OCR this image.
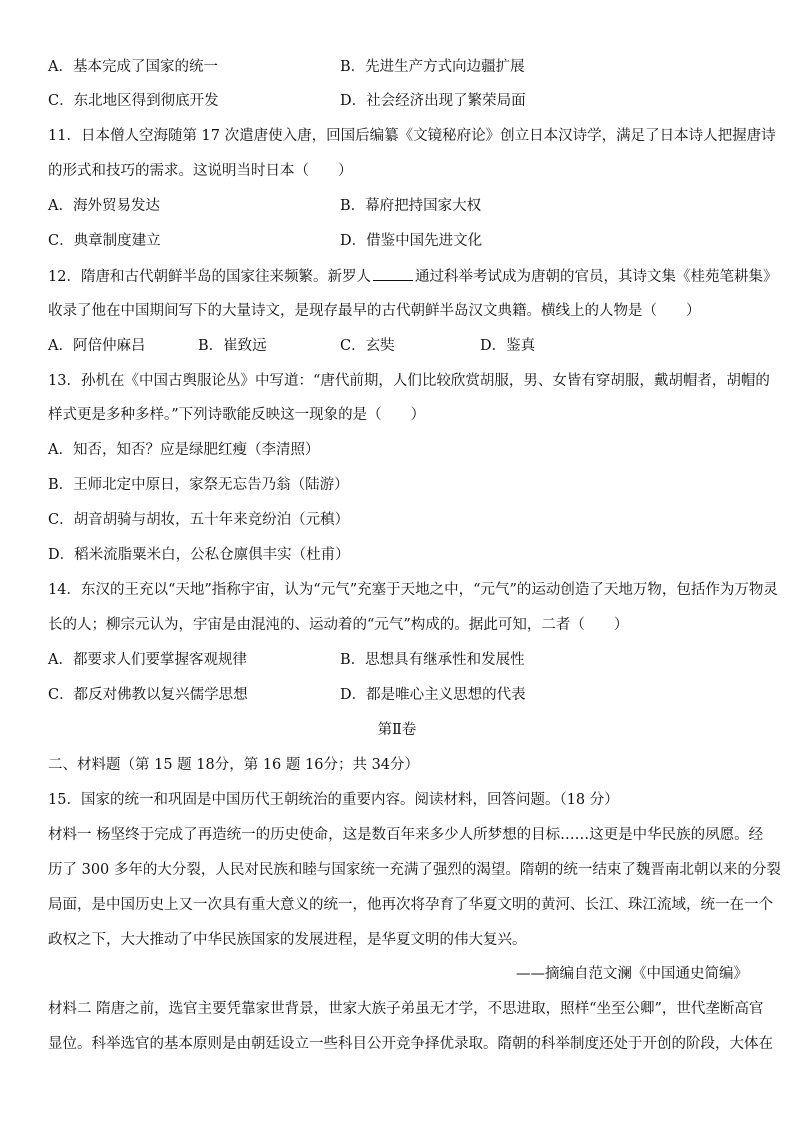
A．基本完成了国家的统一	B．先进生产方式向边疆扩展
C．东北地区得到彻底开发	D．社会经济出现了繁荣局面
11．日本僧人空海随第 17 次遣唐使入唐，回国后编纂《文镜秘府论》创立日本汉诗学，满足了日本诗人把握唐诗
的形式和技巧的需求。这说明当时日本（　　）
A．海外贸易发达	B．幕府把持国家大权
C．典章制度建立	D．借鉴中国先进文化
12．隋唐和古代朝鲜半岛的国家往来频繁。新罗人	通过科举考试成为唐朝的官员，其诗文集《桂苑笔耕集》
收录了他在中国期间写下的大量诗文，是现存最早的古代朝鲜半岛汉文典籍。横线上的人物是（　　）
A．阿倍仲麻吕	B．崔致远	C．玄奘	D．鉴真
13．孙机在《中国古舆服论丛》中写道：“唐代前期，人们比较欣赏胡服，男、女皆有穿胡服，戴胡帽者，胡帽的
样式更是多种多样。”下列诗歌能反映这一现象的是（　　）
A．知否，知否？应是绿肥红瘦（李清照）
B．王师北定中原日，家祭无忘告乃翁（陆游）
C．胡音胡骑与胡妆，五十年来竞纷泊（元稹）
D．稻米流脂粟米白，公私仓廪俱丰实（杜甫）
14．东汉的王充以“天地”指称宇宙，认为“元气”充塞于天地之中，“元气”的运动创造了天地万物，包括作为万物灵
长的人；柳宗元认为，宇宙是由混沌的、运动着的“元气”构成的。据此可知，二者（　　）
A．都要求人们要掌握客观规律	B．思想具有继承性和发展性
C．都反对佛教以复兴儒学思想	D．都是唯心主义思想的代表
第Ⅱ卷
二、材料题（第 15 题 18分，第 16 题 16分；共 34分）
15．国家的统一和巩固是中国历代王朝统治的重要内容。阅读材料，回答问题。（18 分）
材料一 杨坚终于完成了再造统一的历史使命，这是数百年来多少人所梦想的目标……这更是中华民族的夙愿。经
历了 300 多年的大分裂，人民对民族和睦与国家统一充满了强烈的渴望。隋朝的统一结束了魏晋南北朝以来的分裂
局面，是中国历史上又一次具有重大意义的统一，他再次将孕育了华夏文明的黄河、长江、珠江流域，统一在一个
政权之下，大大推动了中华民族国家的发展进程，是华夏文明的伟大复兴。
——摘编自范文澜《中国通史简编》
材料二 隋唐之前，选官主要凭靠家世背景，世家大族子弟虽无才学，不思进取，照样“坐至公卿”，世代垄断高官
显位。科举选官的基本原则是由朝廷设立一些科目公开竞争择优录取。隋朝的科举制度还处于开创的阶段，大体在
